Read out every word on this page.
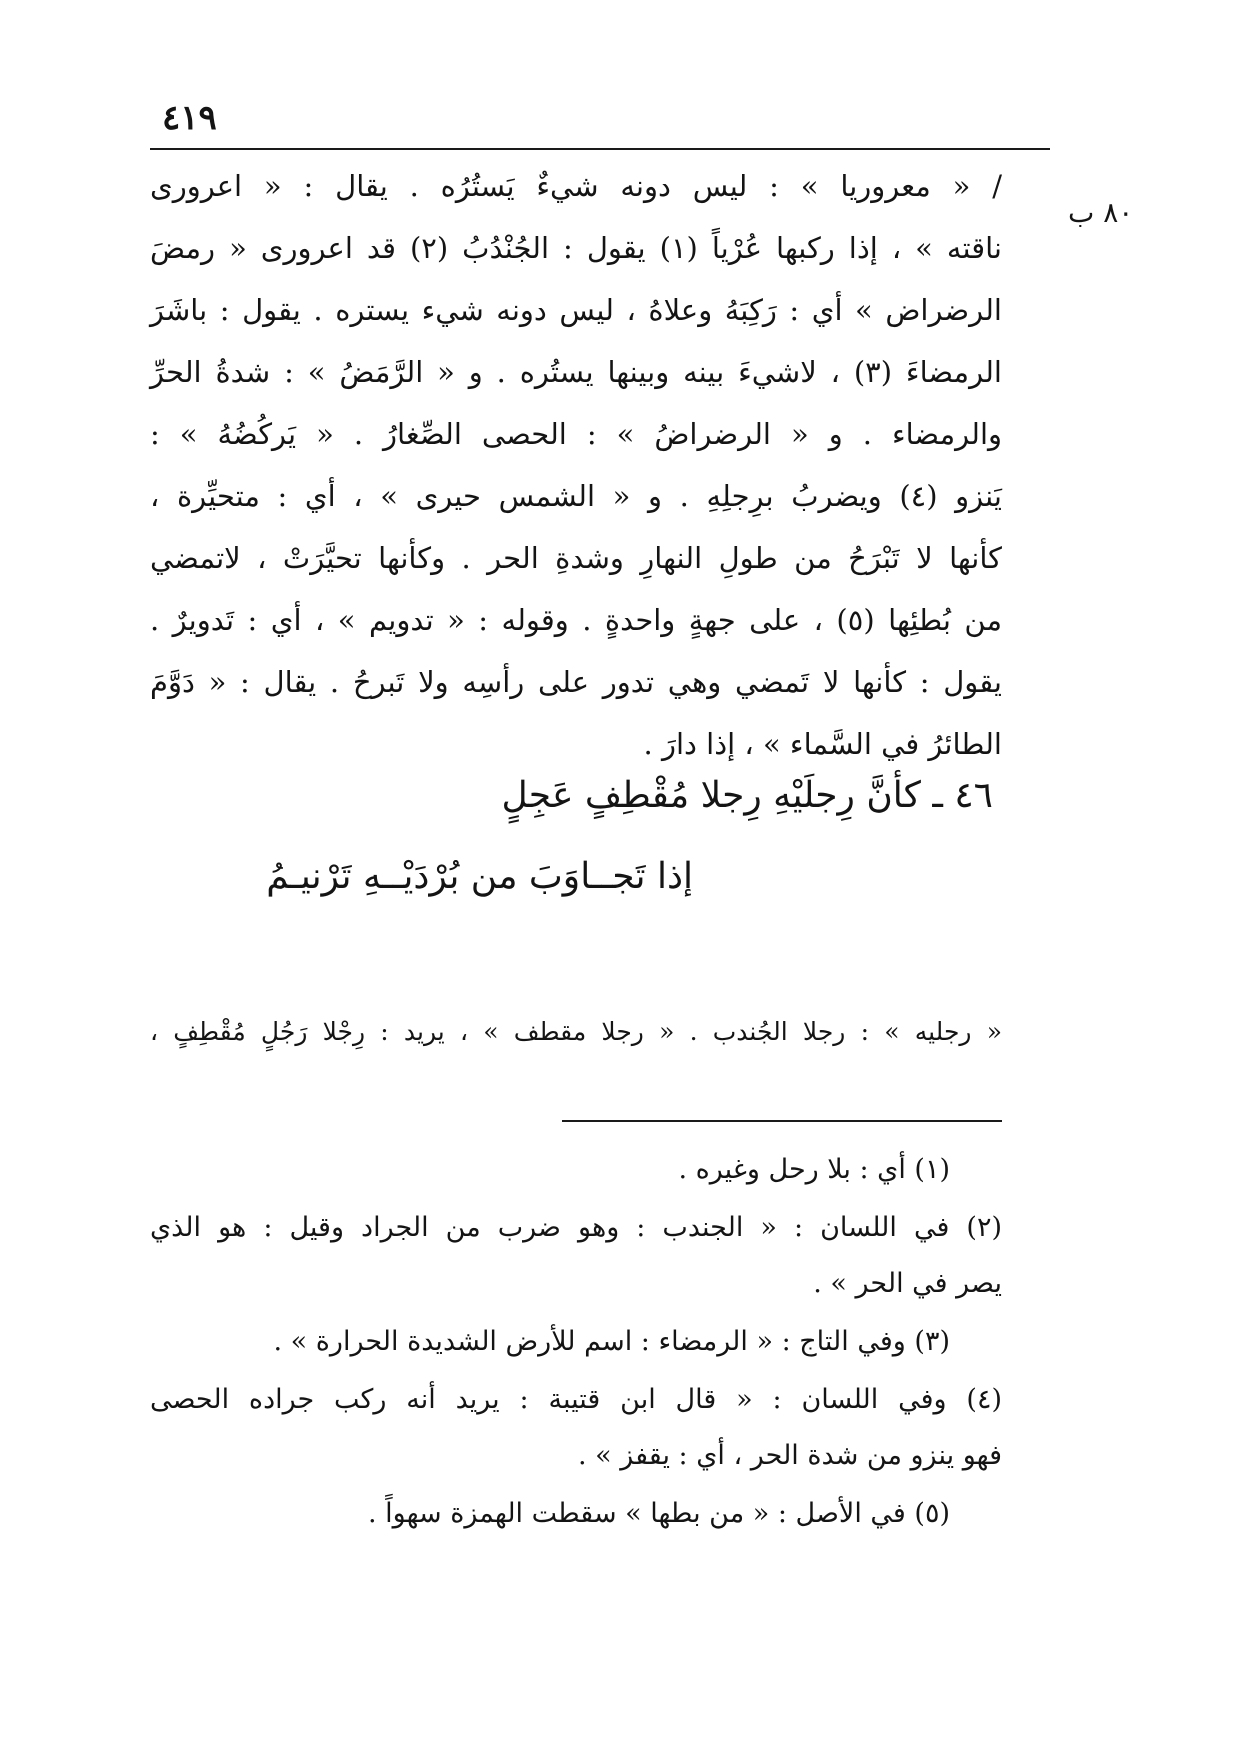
٤١٩
٨٠ ب
/ « معروريا » : ليس دونه شيءٌ يَستُرُه . يقال : « اعرورى
ناقته » ، إذا ركبها عُرْياً (١) يقول : الجُنْدُبُ (٢) قد اعرورى « رمضَ
الرضراض » أي : رَكِبَهُ وعلاهُ ، ليس دونه شيء يستره . يقول : باشَرَ
الرمضاءَ (٣) ، لاشيءَ بينه وبينها يستُره . و « الرَّمَضُ » : شدةُ الحرِّ
والرمضاء . و « الرضراضُ » : الحصى الصِّغارُ . « يَركُضُهُ » :
يَنزو (٤) ويضربُ برِجلِهِ . و « الشمس حيرى » ، أي : متحيِّرة ،
كأنها لا تَبْرَحُ من طولِ النهارِ وشدةِ الحر . وكأنها تحيَّرَتْ ، لاتمضي
من بُطئِها (٥) ، على جهةٍ واحدةٍ . وقوله : « تدويم » ، أي : تَدويرٌ .
يقول : كأنها لا تَمضي وهي تدور على رأسِه ولا تَبرحُ . يقال : « دَوَّمَ
الطائرُ في السَّماء » ، إذا دارَ .
٤٦ ـ كأنَّ رِجلَيْهِ رِجلا مُقْطِفٍ عَجِلٍ
إذا تَجــاوَبَ من بُرْدَيْــهِ تَرْنيـمُ
« رجليه » : رجلا الجُندب . « رجلا مقطف » ، يريد : رِجْلا رَجُلٍ مُقْطِفٍ ،
(١) أي : بلا رحل وغيره .
(٢) في اللسان : « الجندب : وهو ضرب من الجراد وقيل : هو الذي
يصر في الحر » .
(٣) وفي التاج : « الرمضاء : اسم للأرض الشديدة الحرارة » .
(٤) وفي اللسان : « قال ابن قتيبة : يريد أنه ركب جراده الحصى
فهو ينزو من شدة الحر ، أي : يقفز » .
(٥) في الأصل : « من بطها » سقطت الهمزة سهواً .
